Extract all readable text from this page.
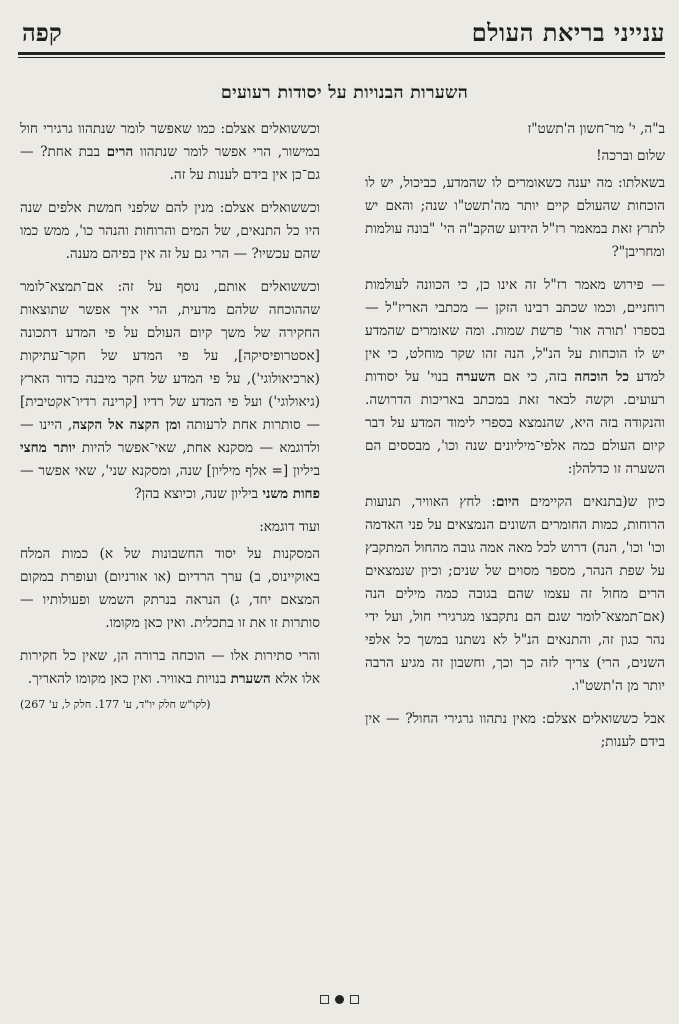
ענייני בריאת העולם
קפה
השערות הבנויות על יסודות רעועים

ב"ה, י' מר־חשון ה'תשט"ז

שלום וברכה!

בשאלתו: מה יענה כשאומרים לו שהמדע, כביכול, יש לו הוכחות שהעולם קיים יותר מה'תשט"ו שנה; והאם יש לתרץ זאת במאמר רז"ל הידוע שהקב"ה הי' "בונה עולמות ומחריבן"?

— פירוש מאמר רז"ל זה אינו כן, כי הכוונה לעולמות רוחניים, וכמו שכתב רבינו הזקן — מכתבי האריז"ל — בספרו 'תורה אור' פרשת שמות. ומה שאומרים שהמדע יש לו הוכחות על הנ"ל, הנה זהו שקר מוחלט, כי אין למדע כל הוכחה בזה, כי אם השערה בנוי' על יסודות רעועים. וקשה לבאר זאת במכתב באריכות הדרושה. והנקודה בזה היא, שהנמצא בספרי לימוד המדע על דבר קיום העולם כמה אלפי־מיליונים שנה וכו', מבססים הם השערה זו כדלהלן:

כיון ש(בתנאים הקיימים היום: לחץ האוויר, תנועות הרוחות, כמות החומרים השונים הנמצאים על פני האדמה וכו' וכו', הנה) דרוש לכל מאה אמה גובה מהחול המתקבץ על שפת הנהר, מספר מסוים של שנים; וכיון שנמצאים הרים מחול זה עצמו שהם בגובה כמה מילים הנה (אם־תמצא־לומר שגם הם נתקבצו מגרגירי חול, ועל ידי נהר כגון זה, והתנאים הנ"ל לא נשתנו במשך כל אלפי השנים, הרי) צריך לזה כך וכך, וחשבון זה מגיע הרבה יותר מן ה'תשט"ו.

אבל כששואלים אצלם: מאין נתהוו גרגירי החול? — אין בידם לענות;

וכששואלים אצלם: כמו שאפשר לומר שנתהוו גרגירי חול במישור, הרי אפשר לומר שנתהוו הרים בבת אחת? — גם־כן אין בידם לענות על זה.

וכששואלים אצלם: מנין להם שלפני חמשת אלפים שנה היו כל התנאים, של המים והרוחות והנהר כו', ממש כמו שהם עכשיו? — הרי גם על זה אין בפיהם מענה.

וכששואלים אותם, נוסף על זה: אם־תמצא־לומר שההוכחה שלהם מדעית, הרי איך אפשר שתוצאות החקירה של משך קיום העולם על פי המדע דתכונה [אסטרופיסיקה], על פי המדע של חקר־עתיקות (ארכיאולוגי'), על פי המדע של חקר מיבנה כדור הארץ (גיאולוגי') ועל פי המדע של רדיו [קרינה רדיו־אקטיבית] — סותרות אחת לרעותה ומן הקצה אל הקצה, היינו — ולדוגמא — מסקנא אחת, שאי־אפשר להיות יותר מחצי ביליון [= אלף מיליון] שנה, ומסקנא שני', שאי אפשר — פחות משני ביליון שנה, וכיוצא בהן?

ועוד דוגמא:

המסקנות על יסוד החשבונות של א) כמות המלח באוקיינוס, ב) ערך הרדיום (או אורניום) ועופרת במקום המצאם יחד, ג) הנראה בנרתק השמש ופעולותיו — סותרות זו את זו בתכלית. ואין כאן מקומו.

והרי סתירות אלו — הוכחה ברורה הן, שאין כל חקירות אלו אלא השערת בנויות באוויר. ואין כאן מקומו להאריך.

(לקו"ש חלק יו"ד, ע' 177. חלק ל, ע' 267)
